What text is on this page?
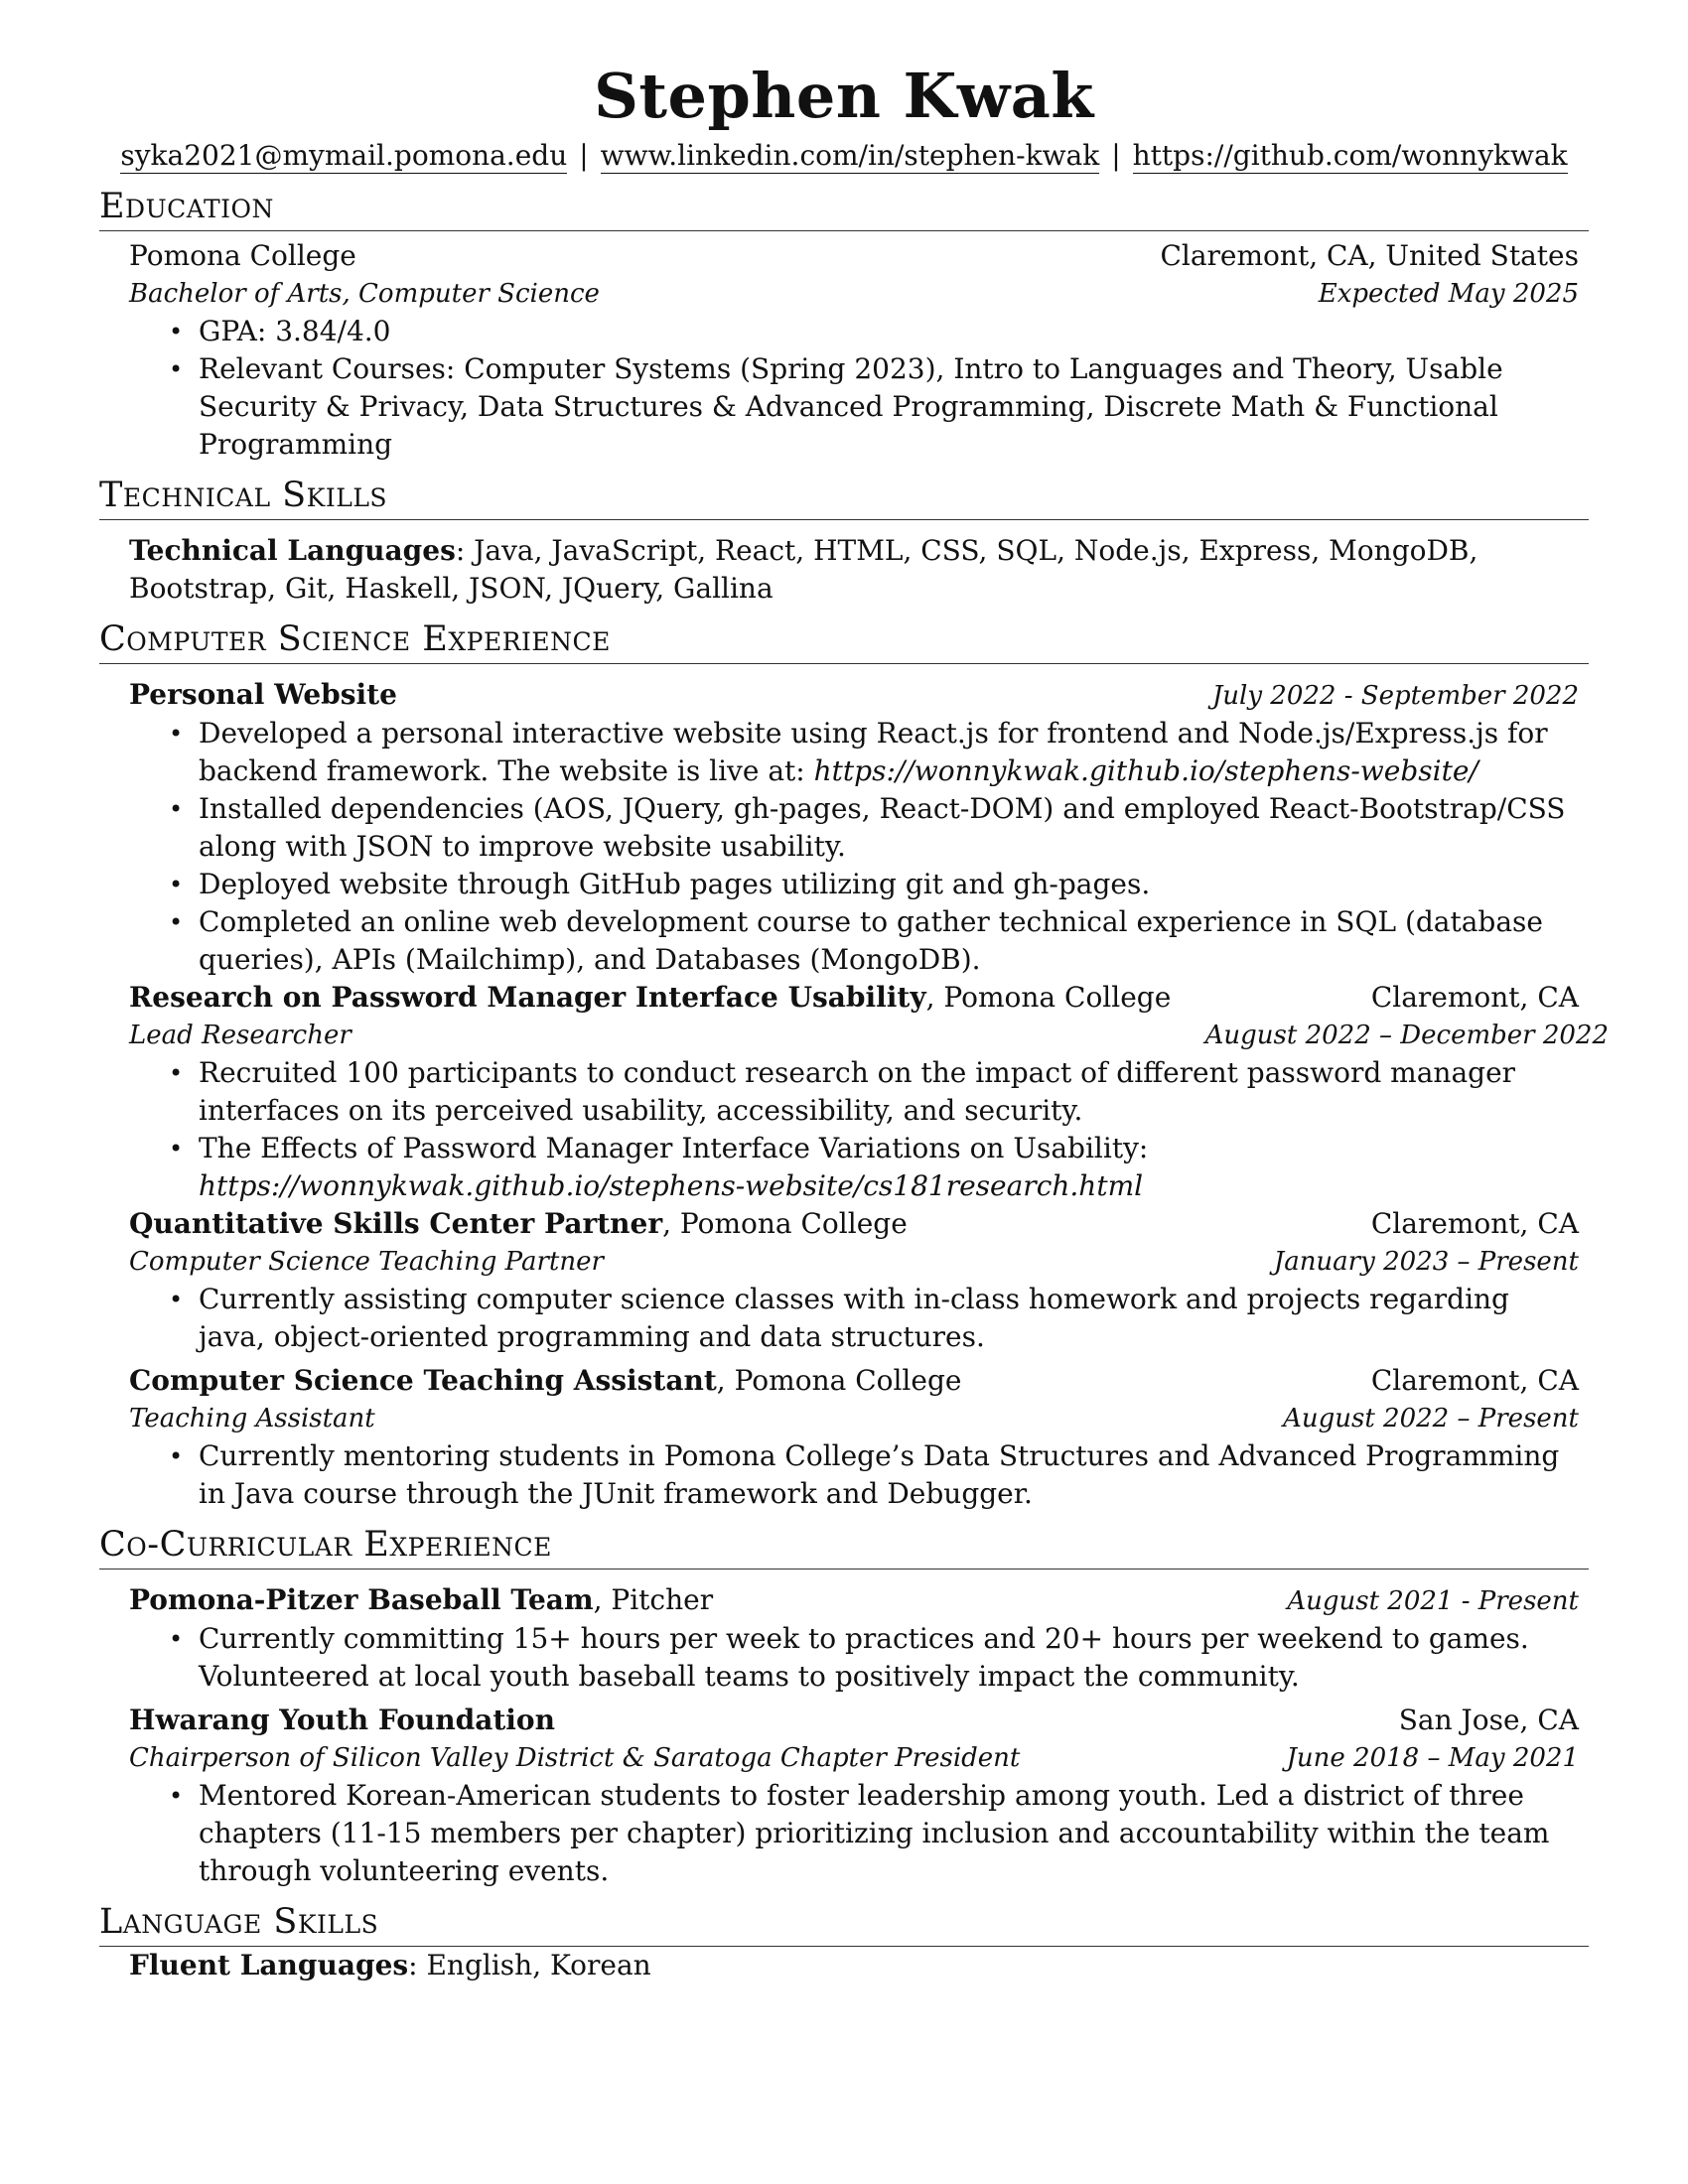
Stephen Kwak
syka2021@mymail.pomona.edu | www.linkedin.com/in/stephen-kwak | https://github.com/wonnykwak
Education
Pomona College	Claremont, CA, United States
Bachelor of Arts, Computer Science	Expected May 2025
• GPA: 3.84/4.0
• Relevant Courses: Computer Systems (Spring 2023), Intro to Languages and Theory, Usable Security & Privacy, Data Structures & Advanced Programming, Discrete Math & Functional Programming
Technical Skills
Technical Languages: Java, JavaScript, React, HTML, CSS, SQL, Node.js, Express, MongoDB, Bootstrap, Git, Haskell, JSON, JQuery, Gallina
Computer Science Experience
Personal Website	July 2022 - September 2022
• Developed a personal interactive website using React.js for frontend and Node.js/Express.js for backend framework. The website is live at: https://wonnykwak.github.io/stephens-website/
• Installed dependencies (AOS, JQuery, gh-pages, React-DOM) and employed React-Bootstrap/CSS along with JSON to improve website usability.
• Deployed website through GitHub pages utilizing git and gh-pages.
• Completed an online web development course to gather technical experience in SQL (database queries), APIs (Mailchimp), and Databases (MongoDB).
Research on Password Manager Interface Usability, Pomona College	Claremont, CA
Lead Researcher	August 2022 – December 2022
• Recruited 100 participants to conduct research on the impact of different password manager interfaces on its perceived usability, accessibility, and security.
• The Effects of Password Manager Interface Variations on Usability:
https://wonnykwak.github.io/stephens-website/cs181research.html
Quantitative Skills Center Partner, Pomona College	Claremont, CA
Computer Science Teaching Partner	January 2023 – Present
• Currently assisting computer science classes with in-class homework and projects regarding java, object-oriented programming and data structures.
Computer Science Teaching Assistant, Pomona College	Claremont, CA
Teaching Assistant	August 2022 – Present
• Currently mentoring students in Pomona College’s Data Structures and Advanced Programming in Java course through the JUnit framework and Debugger.
Co-Curricular Experience
Pomona-Pitzer Baseball Team, Pitcher	August 2021 - Present
• Currently committing 15+ hours per week to practices and 20+ hours per weekend to games. Volunteered at local youth baseball teams to positively impact the community.
Hwarang Youth Foundation	San Jose, CA
Chairperson of Silicon Valley District & Saratoga Chapter President	June 2018 – May 2021
• Mentored Korean-American students to foster leadership among youth. Led a district of three chapters (11-15 members per chapter) prioritizing inclusion and accountability within the team through volunteering events.
Language Skills
Fluent Languages: English, Korean
